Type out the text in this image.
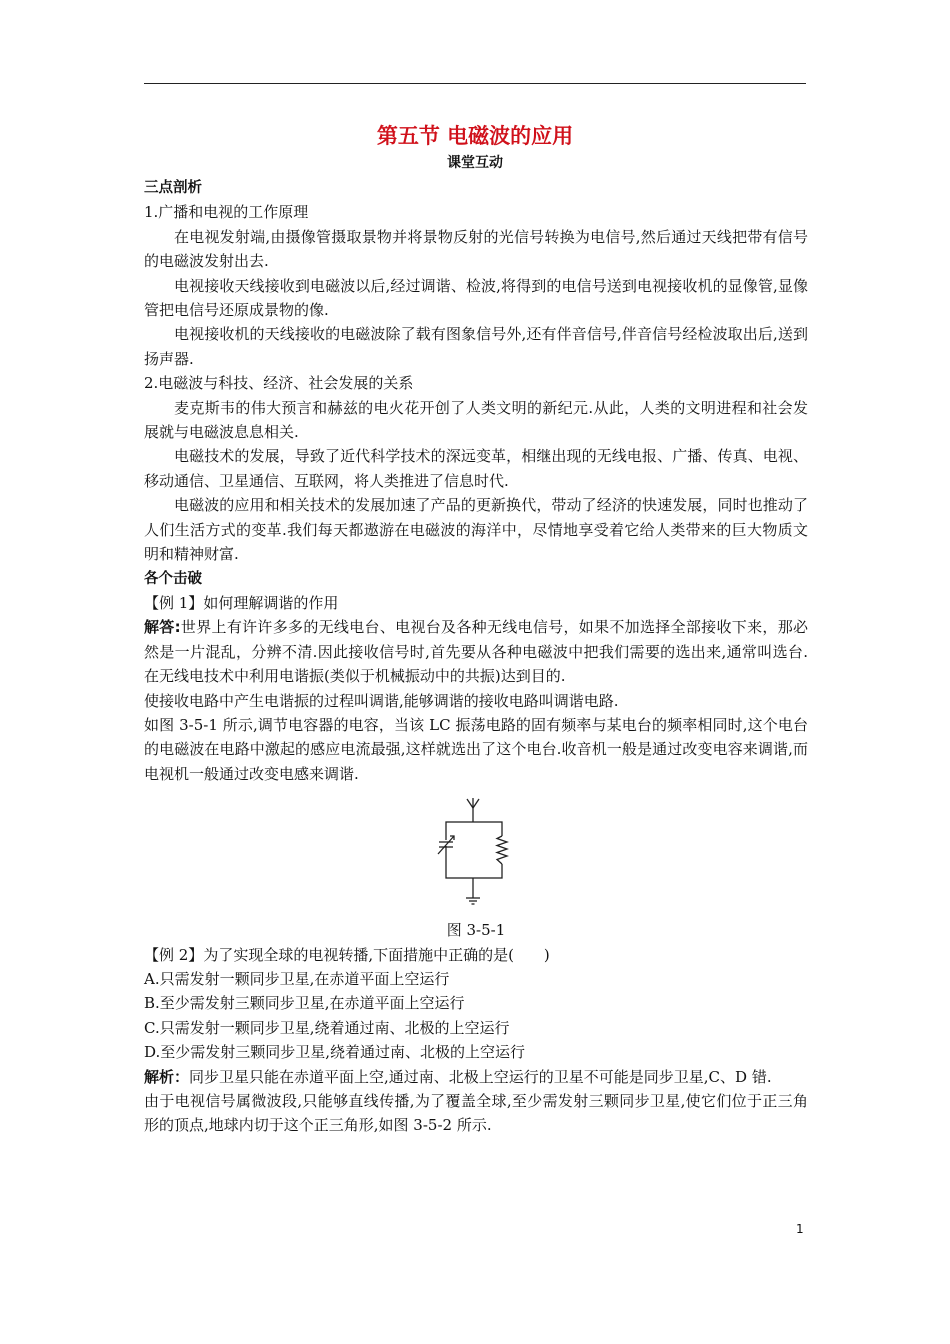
第五节 电磁波的应用
课堂互动

三点剖析

1.广播和电视的工作原理

在电视发射端,由摄像管摄取景物并将景物反射的光信号转换为电信号,然后通过天线把带有信号的电磁波发射出去.

电视接收天线接收到电磁波以后,经过调谐、检波,将得到的电信号送到电视接收机的显像管,显像管把电信号还原成景物的像.

电视接收机的天线接收的电磁波除了载有图象信号外,还有伴音信号,伴音信号经检波取出后,送到扬声器.

2.电磁波与科技、经济、社会发展的关系

麦克斯韦的伟大预言和赫兹的电火花开创了人类文明的新纪元.从此，人类的文明进程和社会发展就与电磁波息息相关.

电磁技术的发展，导致了近代科学技术的深远变革，相继出现的无线电报、广播、传真、电视、移动通信、卫星通信、互联网，将人类推进了信息时代.

电磁波的应用和相关技术的发展加速了产品的更新换代，带动了经济的快速发展，同时也推动了人们生活方式的变革.我们每天都遨游在电磁波的海洋中，尽情地享受着它给人类带来的巨大物质文明和精神财富.

各个击破

【例 1】如何理解调谐的作用

解答:世界上有许许多多的无线电台、电视台及各种无线电信号，如果不加选择全部接收下来，那必然是一片混乱，分辨不清.因此接收信号时,首先要从各种电磁波中把我们需要的选出来,通常叫选台.在无线电技术中利用电谐振(类似于机械振动中的共振)达到目的.

使接收电路中产生电谐振的过程叫调谐,能够调谐的接收电路叫调谐电路.

如图 3-5-1 所示,调节电容器的电容，当该 LC 振荡电路的固有频率与某电台的频率相同时,这个电台的电磁波在电路中激起的感应电流最强,这样就选出了这个电台.收音机一般是通过改变电容来调谐,而电视机一般通过改变电感来调谐.

图 3-5-1

【例 2】为了实现全球的电视转播,下面措施中正确的是(　　)

A.只需发射一颗同步卫星,在赤道平面上空运行

B.至少需发射三颗同步卫星,在赤道平面上空运行

C.只需发射一颗同步卫星,绕着通过南、北极的上空运行

D.至少需发射三颗同步卫星,绕着通过南、北极的上空运行

解析：同步卫星只能在赤道平面上空,通过南、北极上空运行的卫星不可能是同步卫星,C、D 错.

由于电视信号属微波段,只能够直线传播,为了覆盖全球,至少需发射三颗同步卫星,使它们位于正三角形的顶点,地球内切于这个正三角形,如图 3-5-2 所示.

1
